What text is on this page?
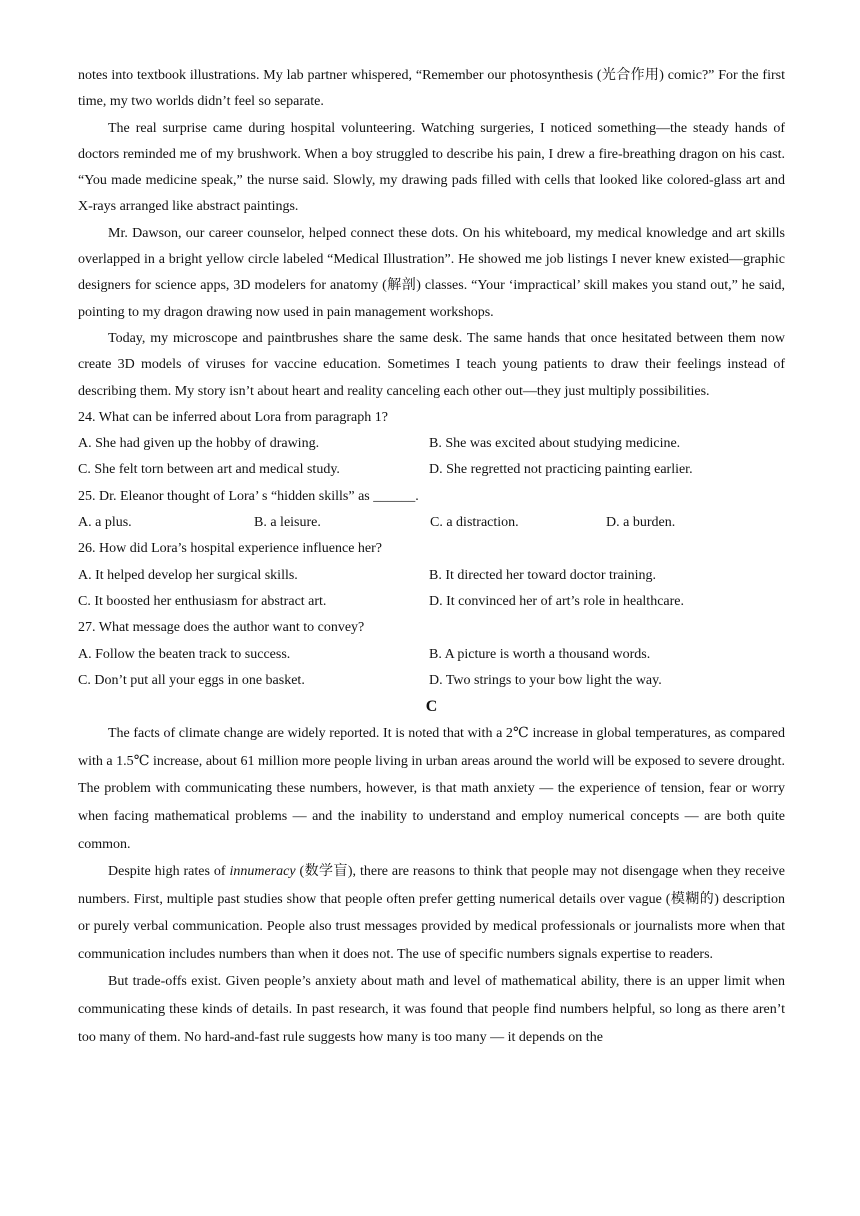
notes into textbook illustrations. My lab partner whispered, “Remember our photosynthesis (光合作用) comic?” For the first time, my two worlds didn’t feel so separate.

The real surprise came during hospital volunteering. Watching surgeries, I noticed something—the steady hands of doctors reminded me of my brushwork. When a boy struggled to describe his pain, I drew a fire-breathing dragon on his cast. “You made medicine speak,” the nurse said. Slowly, my drawing pads filled with cells that looked like colored-glass art and X-rays arranged like abstract paintings.

Mr. Dawson, our career counselor, helped connect these dots. On his whiteboard, my medical knowledge and art skills overlapped in a bright yellow circle labeled “Medical Illustration”. He showed me job listings I never knew existed—graphic designers for science apps, 3D modelers for anatomy (解剖) classes. “Your ‘impractical’ skill makes you stand out,” he said, pointing to my dragon drawing now used in pain management workshops.

Today, my microscope and paintbrushes share the same desk. The same hands that once hesitated between them now create 3D models of viruses for vaccine education. Sometimes I teach young patients to draw their feelings instead of describing them. My story isn’t about heart and reality canceling each other out—they just multiply possibilities.

24. What can be inferred about Lora from paragraph 1?
A. She had given up the hobby of drawing.	B. She was excited about studying medicine.
C. She felt torn between art and medical study.	D. She regretted not practicing painting earlier.
25. Dr. Eleanor thought of Lora’ s “hidden skills” as ______.
A. a plus.	B. a leisure.	C. a distraction.	D. a burden.
26. How did Lora’s hospital experience influence her?
A. It helped develop her surgical skills.	B. It directed her toward doctor training.
C. It boosted her enthusiasm for abstract art.	D. It convinced her of art’s role in healthcare.
27. What message does the author want to convey?
A. Follow the beaten track to success.	B. A picture is worth a thousand words.
C. Don’t put all your eggs in one basket.	D. Two strings to your bow light the way.
C

The facts of climate change are widely reported. It is noted that with a 2℃ increase in global temperatures, as compared with a 1.5℃ increase, about 61 million more people living in urban areas around the world will be exposed to severe drought. The problem with communicating these numbers, however, is that math anxiety — the experience of tension, fear or worry when facing mathematical problems — and the inability to understand and employ numerical concepts — are both quite common.

Despite high rates of innumeracy (数学盲), there are reasons to think that people may not disengage when they receive numbers. First, multiple past studies show that people often prefer getting numerical details over vague (模糊的) description or purely verbal communication. People also trust messages provided by medical professionals or journalists more when that communication includes numbers than when it does not. The use of specific numbers signals expertise to readers.

But trade-offs exist. Given people’s anxiety about math and level of mathematical ability, there is an upper limit when communicating these kinds of details. In past research, it was found that people find numbers helpful, so long as there aren’t too many of them. No hard-and-fast rule suggests how many is too many — it depends on the
